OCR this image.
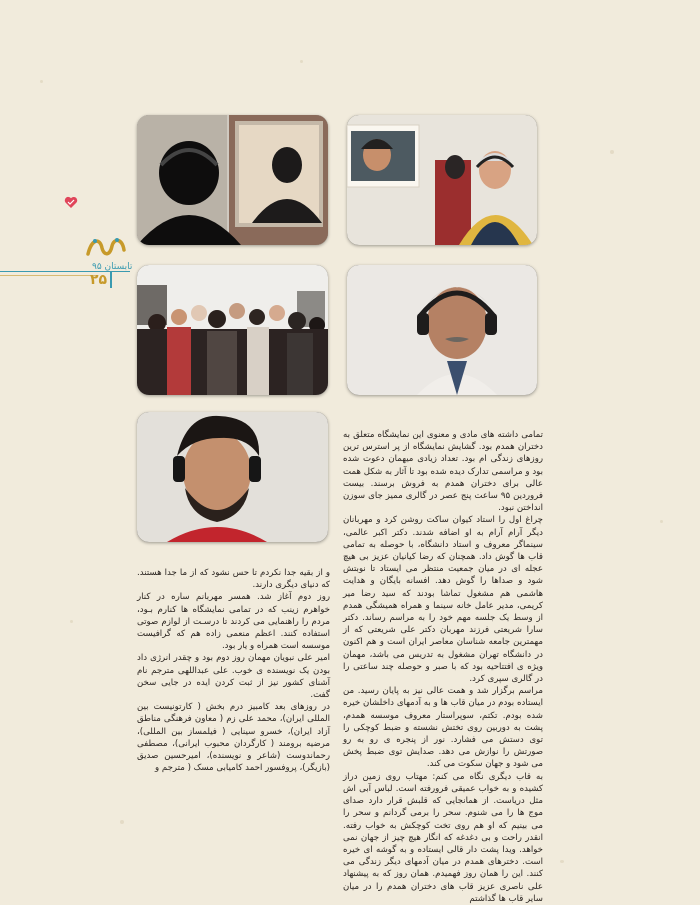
تابستان ۹۵
۲۵

تمامی داشته های مادی و معنوی این نمایشگاه متعلق به دختران همدم بود. گشایش نمایشگاه از پر استرس ترین روزهای زندگی ام بود. تعداد زیادی میهمان دعوت شده بود و مراسمی تدارک دیده شده بود تا آثار به شکل همت عالی برای دختران همدم به فروش برسند. بیست فروردین ۹۵ ساعت پنج عصر در گالری ممیز جای سوزن انداختن نبود.

چراغ اول را استاد کیوان ساکت روشن کرد و مهربانان دیگر آرام آرام به او اضافه شدند. دکتر اکبر عالمی، سینماگر معروف و استاد دانشگاه، با حوصله به تمامی قاب ها گوش داد. همچنان که رضا کیانیان عزیز بی هیچ عجله ای در میان جمعیت منتظر می ایستاد تا نوبتش شود و صداها را گوش دهد. افسانه بایگان و هدایت هاشمی هم مشغول تماشا بودند که سید رضا میر کریمی، مدیر عامل خانه سینما و همراه همیشگی همدم از وسط یک جلسه مهم خود را به مراسم رساند. دکتر سارا شریعتی فرزند مهربان دکتر علی شریعتی که از مهمترین جامعه شناسان معاصر ایران است و هم اکنون در دانشگاه تهران مشغول به تدریس می باشد، مهمان ویژه ی افتتاحیه بود که با صبر و حوصله چند ساعتی را در گالری سپری کرد.

مراسم برگزار شد و همت عالی نیز به پایان رسید. من ایستاده بودم در میان قاب ها و به آدمهای داخلشان خیره شده بودم. تکتم، سوپراستار معروف موسسه همدم، پشت به دوربین روی تختش نشسته و ضبط کوچکی را توی دستش می فشارد. نور از پنجره ی رو به رو صورتش را نوازش می دهد. صدایش توی ضبط پخش می شود و جهان سکوت می کند.

به قاب دیگری نگاه می کنم: مهتاب روی زمین دراز کشیده و به خواب عمیقی فرورفته است. لباس آبی اش مثل دریاست. از همانجایی که قلبش قرار دارد صدای موج ها را می شنوم. سحر را برمی گردانم و سحر را می بینیم که او هم روی تخت کوچکش به خواب رفته. انقدر راحت و بی دغدغه که انگار هیچ چیز از جهان نمی خواهد. ویدا پشت دار قالی ایستاده و به گوشه ای خیره است. دخترهای همدم در میان آدمهای دیگر زندگی می کنند. این را همان روز فهمیدم. همان روز که به پیشنهاد علی ناصری عزیز قاب های دختران همدم را در میان سایر قاب ها گذاشتم

و از بقیه جدا نکردم تا حس نشود که از ما جدا هستند. که دنیای دیگری دارند.

روز دوم آغاز شد. همسر مهربانم ساره در کنار خواهرم زینب که در تمامی نمایشگاه ها کنارم بـود، مردم را راهنمایی می کردند تا درسـت از لوازم صوتی استفاده کنند. اعظم منعمی زاده هم که گرافیست موسسه است همراه و یار بود.

امیر علی نبویان مهمان روز دوم بود و چقدر انرژی داد بودن یک نویسنده ی خوب. علی عبداللهی مترجم نام آشنای کشور نیز از ثبت کردن ایده در جایی سخن گفت.

در روزهای بعد کامبیز درم بخش ( کارتونیست بین المللی ایران)، محمد علی زم ( معاون فرهنگی مناطق آزاد ایران)، خسرو سینایی ( فیلمساز بین المللی)، مرضیه برومند ( کارگردان محبوب ایرانی)، مصطفی رحماندوست (شاعر و نویسنده)، امیرحسین صدیق (بازیگر)، پروفسور احمد کامیابی مسک ( مترجم و
